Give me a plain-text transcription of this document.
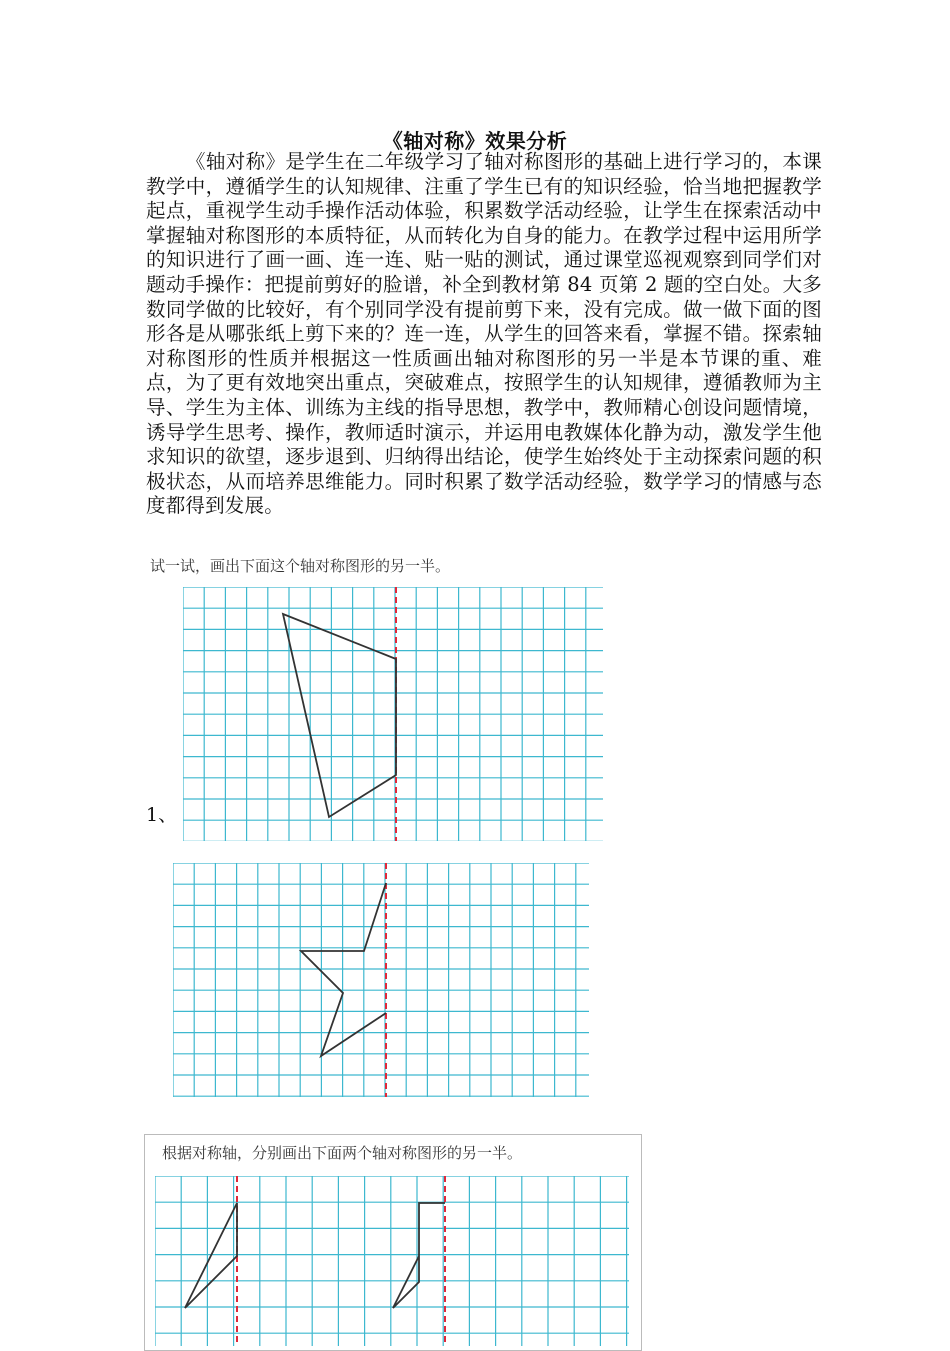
《轴对称》效果分析

《轴对称》是学生在二年级学习了轴对称图形的基础上进行学习的，本课教学中，遵循学生的认知规律、注重了学生已有的知识经验，恰当地把握教学起点，重视学生动手操作活动体验，积累数学活动经验，让学生在探索活动中掌握轴对称图形的本质特征，从而转化为自身的能力。在教学过程中运用所学的知识进行了画一画、连一连、贴一贴的测试，通过课堂巡视观察到同学们对　题动手操作：把提前剪好的脸谱，补全到教材第 84 页第 2 题的空白处。大多数同学做的比较好，有个别同学没有提前剪下来，没有完成。做一做下面的图形各是从哪张纸上剪下来的？连一连，从学生的回答来看，掌握不错。探索轴对称图形的性质并根据这一性质画出轴对称图形的另一半是本节课的重、难点，为了更有效地突出重点，突破难点，按照学生的认知规律，遵循教师为主导、学生为主体、训练为主线的指导思想，教学中，教师精心创设问题情境，诱导学生思考、操作，教师适时演示，并运用电教媒体化静为动，激发学生他求知识的欲望，逐步退到、归纳得出结论，使学生始终处于主动探索问题的积极状态，从而培养思维能力。同时积累了数学活动经验，数学学习的情感与态度都得到发展。

试一试，画出下面这个轴对称图形的另一半。
1、
根据对称轴，分别画出下面两个轴对称图形的另一半。
